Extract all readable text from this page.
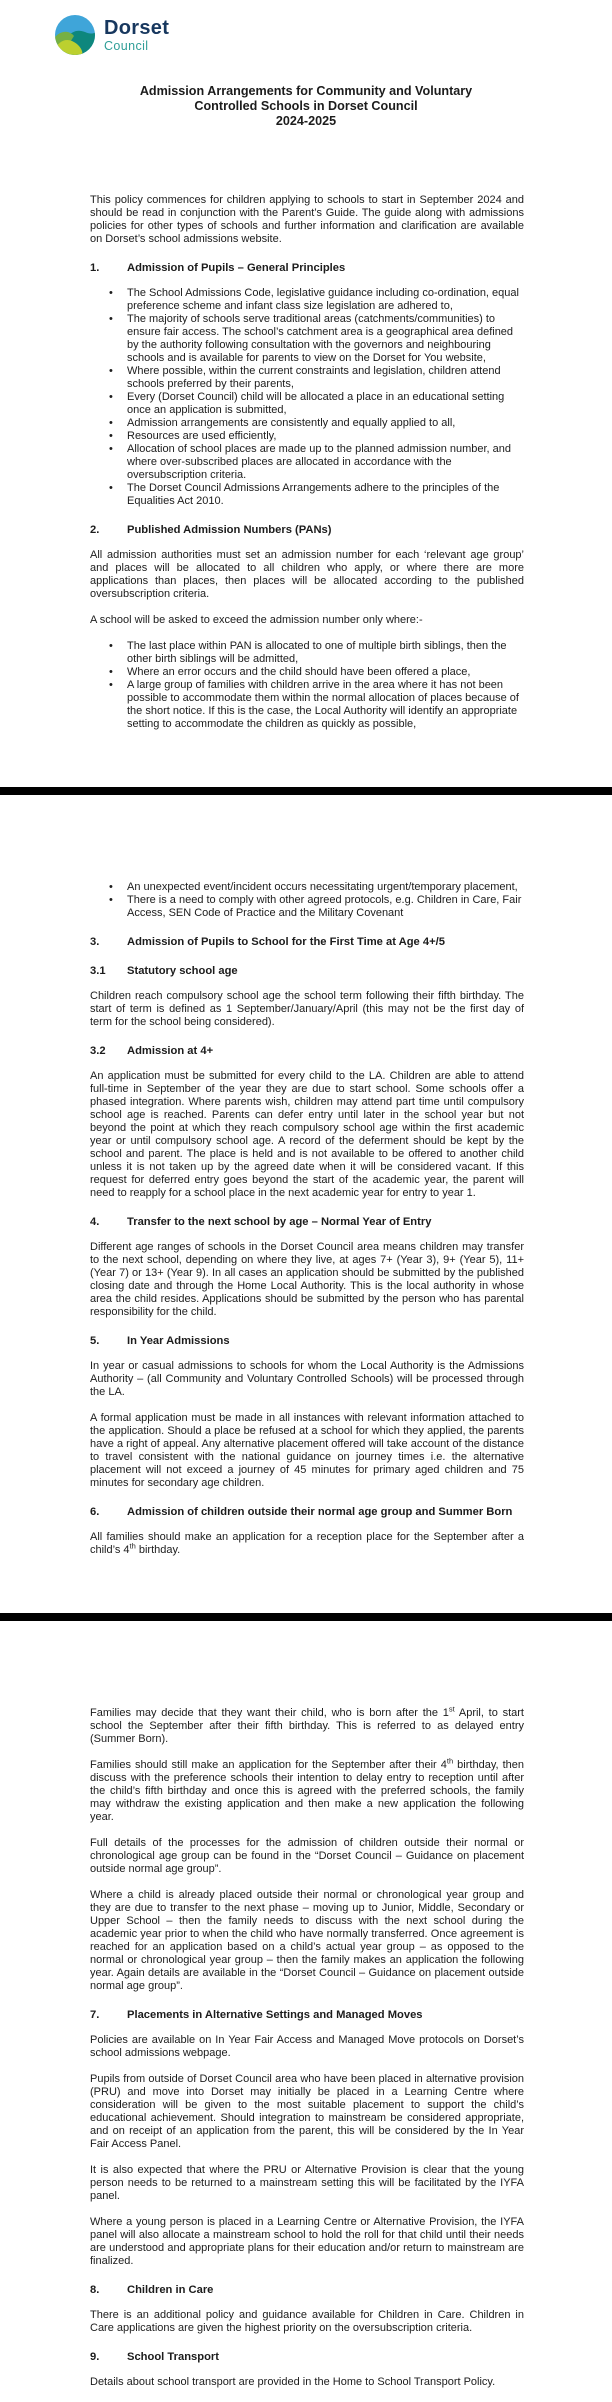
Dorset
Council
Admission Arrangements for Community and Voluntary
Controlled Schools in Dorset Council
2024-2025

This policy commences for children applying to schools to start in September 2024 and should be read in conjunction with the Parent’s Guide. The guide along with admissions policies for other types of schools and further information and clarification are available on Dorset’s school admissions website.

1.	Admission of Pupils – General Principles
• The School Admissions Code, legislative guidance including co-ordination, equal preference scheme and infant class size legislation are adhered to,
• The majority of schools serve traditional areas (catchments/communities) to ensure fair access. The school’s catchment area is a geographical area defined by the authority following consultation with the governors and neighbouring schools and is available for parents to view on the Dorset for You website,
• Where possible, within the current constraints and legislation, children attend schools preferred by their parents,
• Every (Dorset Council) child will be allocated a place in an educational setting once an application is submitted,
• Admission arrangements are consistently and equally applied to all,
• Resources are used efficiently,
• Allocation of school places are made up to the planned admission number, and where over-subscribed places are allocated in accordance with the oversubscription criteria.
• The Dorset Council Admissions Arrangements adhere to the principles of the Equalities Act 2010.
2.	Published Admission Numbers (PANs)

All admission authorities must set an admission number for each ‘relevant age group’ and places will be allocated to all children who apply, or where there are more applications than places, then places will be allocated according to the published oversubscription criteria.

A school will be asked to exceed the admission number only where:-

• The last place within PAN is allocated to one of multiple birth siblings, then the other birth siblings will be admitted,
• Where an error occurs and the child should have been offered a place,
• A large group of families with children arrive in the area where it has not been possible to accommodate them within the normal allocation of places because of the short notice. If this is the case, the Local Authority will identify an appropriate setting to accommodate the children as quickly as possible,
• An unexpected event/incident occurs necessitating urgent/temporary placement,
• There is a need to comply with other agreed protocols, e.g. Children in Care, Fair Access, SEN Code of Practice and the Military Covenant
3.	Admission of Pupils to School for the First Time at Age 4+/5
3.1	Statutory school age

Children reach compulsory school age the school term following their fifth birthday. The start of term is defined as 1 September/January/April (this may not be the first day of term for the school being considered).

3.2	Admission at 4+

An application must be submitted for every child to the LA. Children are able to attend full-time in September of the year they are due to start school. Some schools offer a phased integration. Where parents wish, children may attend part time until compulsory school age is reached. Parents can defer entry until later in the school year but not beyond the point at which they reach compulsory school age within the first academic year or until compulsory school age. A record of the deferment should be kept by the school and parent. The place is held and is not available to be offered to another child unless it is not taken up by the agreed date when it will be considered vacant. If this request for deferred entry goes beyond the start of the academic year, the parent will need to reapply for a school place in the next academic year for entry to year 1.

4.	Transfer to the next school by age – Normal Year of Entry

Different age ranges of schools in the Dorset Council area means children may transfer to the next school, depending on where they live, at ages 7+ (Year 3), 9+ (Year 5), 11+ (Year 7) or 13+ (Year 9). In all cases an application should be submitted by the published closing date and through the Home Local Authority. This is the local authority in whose area the child resides. Applications should be submitted by the person who has parental responsibility for the child.

5.	In Year Admissions

In year or casual admissions to schools for whom the Local Authority is the Admissions Authority – (all Community and Voluntary Controlled Schools) will be processed through the LA.

A formal application must be made in all instances with relevant information attached to the application. Should a place be refused at a school for which they applied, the parents have a right of appeal. Any alternative placement offered will take account of the distance to travel consistent with the national guidance on journey times i.e. the alternative placement will not exceed a journey of 45 minutes for primary aged children and 75 minutes for secondary age children.

6.	Admission of children outside their normal age group and Summer Born

All families should make an application for a reception place for the September after a child’s 4th birthday.

Families may decide that they want their child, who is born after the 1st April, to start school the September after their fifth birthday. This is referred to as delayed entry (Summer Born).

Families should still make an application for the September after their 4th birthday, then discuss with the preference schools their intention to delay entry to reception until after the child’s fifth birthday and once this is agreed with the preferred schools, the family may withdraw the existing application and then make a new application the following year.

Full details of the processes for the admission of children outside their normal or chronological age group can be found in the “Dorset Council – Guidance on placement outside normal age group”.

Where a child is already placed outside their normal or chronological year group and they are due to transfer to the next phase – moving up to Junior, Middle, Secondary or Upper School – then the family needs to discuss with the next school during the academic year prior to when the child who have normally transferred. Once agreement is reached for an application based on a child’s actual year group – as opposed to the normal or chronological year group – then the family makes an application the following year. Again details are available in the “Dorset Council – Guidance on placement outside normal age group”.

7.	Placements in Alternative Settings and Managed Moves

Policies are available on In Year Fair Access and Managed Move protocols on Dorset’s school admissions webpage.

Pupils from outside of Dorset Council area who have been placed in alternative provision (PRU) and move into Dorset may initially be placed in a Learning Centre where consideration will be given to the most suitable placement to support the child’s educational achievement. Should integration to mainstream be considered appropriate, and on receipt of an application from the parent, this will be considered by the In Year Fair Access Panel.

It is also expected that where the PRU or Alternative Provision is clear that the young person needs to be returned to a mainstream setting this will be facilitated by the IYFA panel.

Where a young person is placed in a Learning Centre or Alternative Provision, the IYFA panel will also allocate a mainstream school to hold the roll for that child until their needs are understood and appropriate plans for their education and/or return to mainstream are finalized.

8.	Children in Care

There is an additional policy and guidance available for Children in Care. Children in Care applications are given the highest priority on the oversubscription criteria.

9.	School Transport

Details about school transport are provided in the Home to School Transport Policy.
